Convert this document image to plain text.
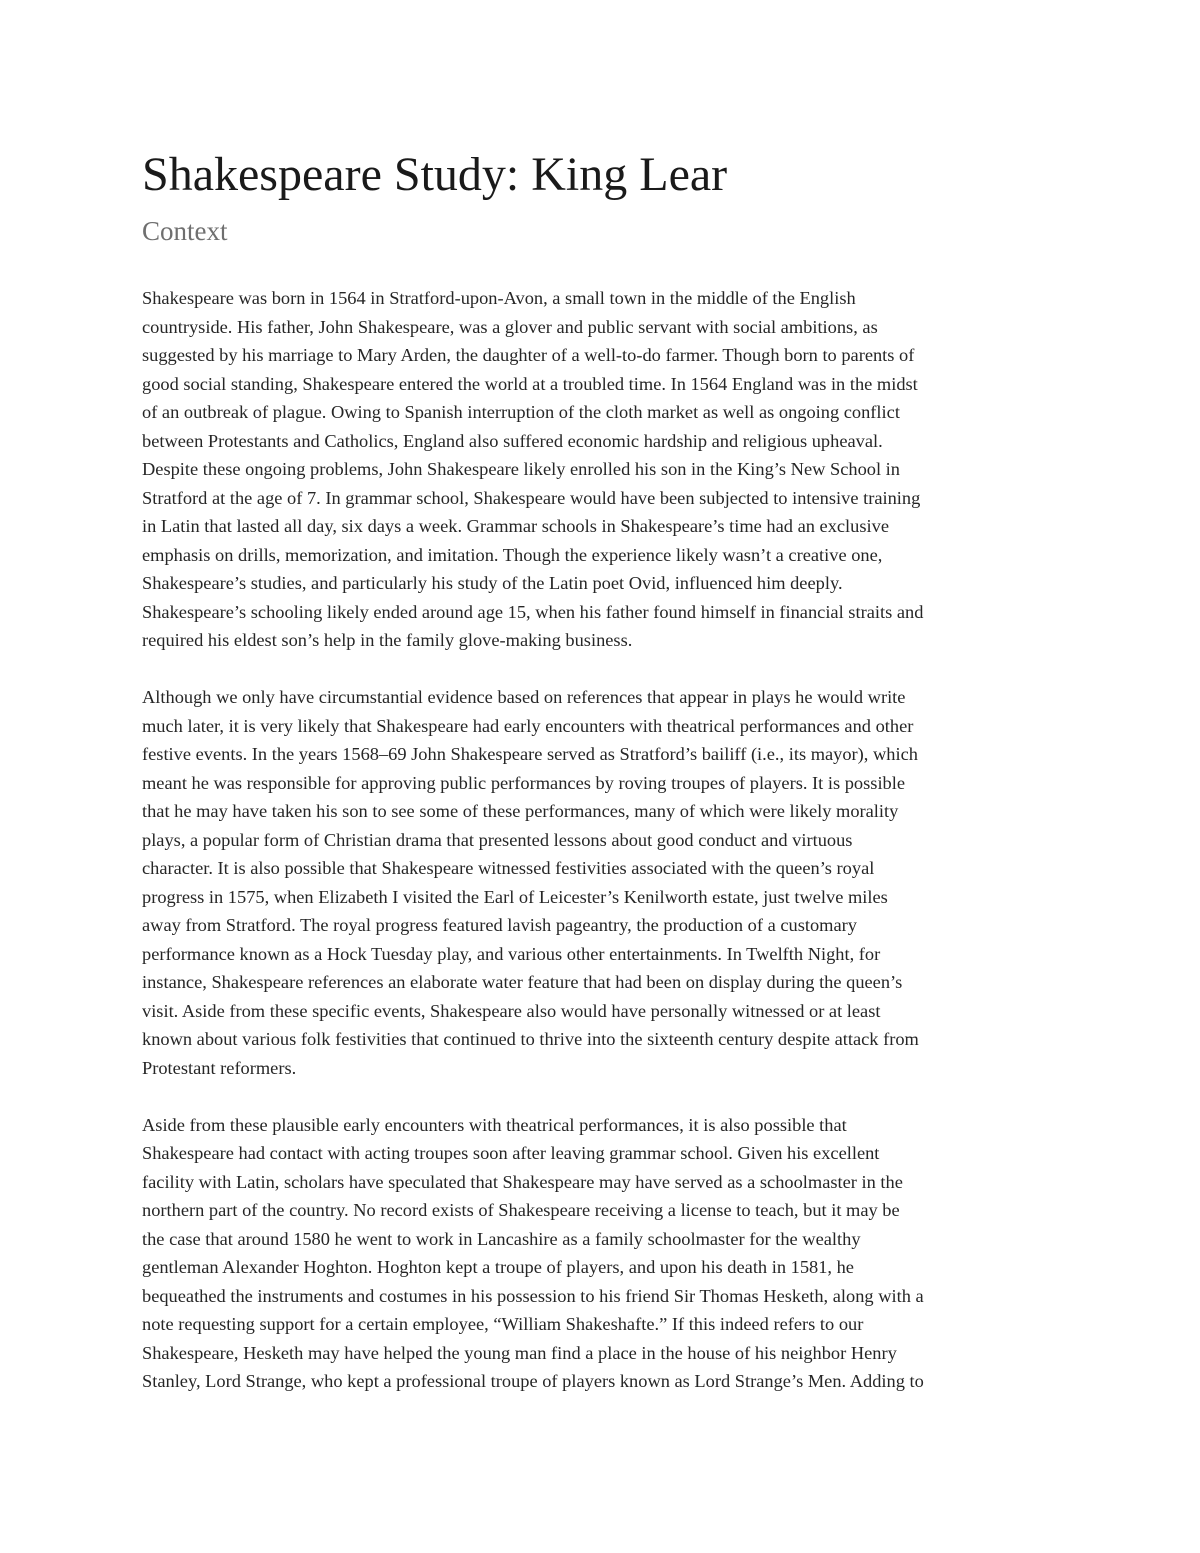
Shakespeare Study: King Lear
Context

Shakespeare was born in 1564 in Stratford-upon-Avon, a small town in the middle of the English
countryside. His father, John Shakespeare, was a glover and public servant with social ambitions, as
suggested by his marriage to Mary Arden, the daughter of a well-to-do farmer. Though born to parents of
good social standing, Shakespeare entered the world at a troubled time. In 1564 England was in the midst
of an outbreak of plague. Owing to Spanish interruption of the cloth market as well as ongoing conflict
between Protestants and Catholics, England also suffered economic hardship and religious upheaval.
Despite these ongoing problems, John Shakespeare likely enrolled his son in the King’s New School in
Stratford at the age of 7. In grammar school, Shakespeare would have been subjected to intensive training
in Latin that lasted all day, six days a week. Grammar schools in Shakespeare’s time had an exclusive
emphasis on drills, memorization, and imitation. Though the experience likely wasn’t a creative one,
Shakespeare’s studies, and particularly his study of the Latin poet Ovid, influenced him deeply.
Shakespeare’s schooling likely ended around age 15, when his father found himself in financial straits and
required his eldest son’s help in the family glove-making business.

Although we only have circumstantial evidence based on references that appear in plays he would write
much later, it is very likely that Shakespeare had early encounters with theatrical performances and other
festive events. In the years 1568–69 John Shakespeare served as Stratford’s bailiff (i.e., its mayor), which
meant he was responsible for approving public performances by roving troupes of players. It is possible
that he may have taken his son to see some of these performances, many of which were likely morality
plays, a popular form of Christian drama that presented lessons about good conduct and virtuous
character. It is also possible that Shakespeare witnessed festivities associated with the queen’s royal
progress in 1575, when Elizabeth I visited the Earl of Leicester’s Kenilworth estate, just twelve miles
away from Stratford. The royal progress featured lavish pageantry, the production of a customary
performance known as a Hock Tuesday play, and various other entertainments. In Twelfth Night, for
instance, Shakespeare references an elaborate water feature that had been on display during the queen’s
visit. Aside from these specific events, Shakespeare also would have personally witnessed or at least
known about various folk festivities that continued to thrive into the sixteenth century despite attack from
Protestant reformers.

Aside from these plausible early encounters with theatrical performances, it is also possible that
Shakespeare had contact with acting troupes soon after leaving grammar school. Given his excellent
facility with Latin, scholars have speculated that Shakespeare may have served as a schoolmaster in the
northern part of the country. No record exists of Shakespeare receiving a license to teach, but it may be
the case that around 1580 he went to work in Lancashire as a family schoolmaster for the wealthy
gentleman Alexander Hoghton. Hoghton kept a troupe of players, and upon his death in 1581, he
bequeathed the instruments and costumes in his possession to his friend Sir Thomas Hesketh, along with a
note requesting support for a certain employee, “William Shakeshafte.” If this indeed refers to our
Shakespeare, Hesketh may have helped the young man find a place in the house of his neighbor Henry
Stanley, Lord Strange, who kept a professional troupe of players known as Lord Strange’s Men. Adding to
